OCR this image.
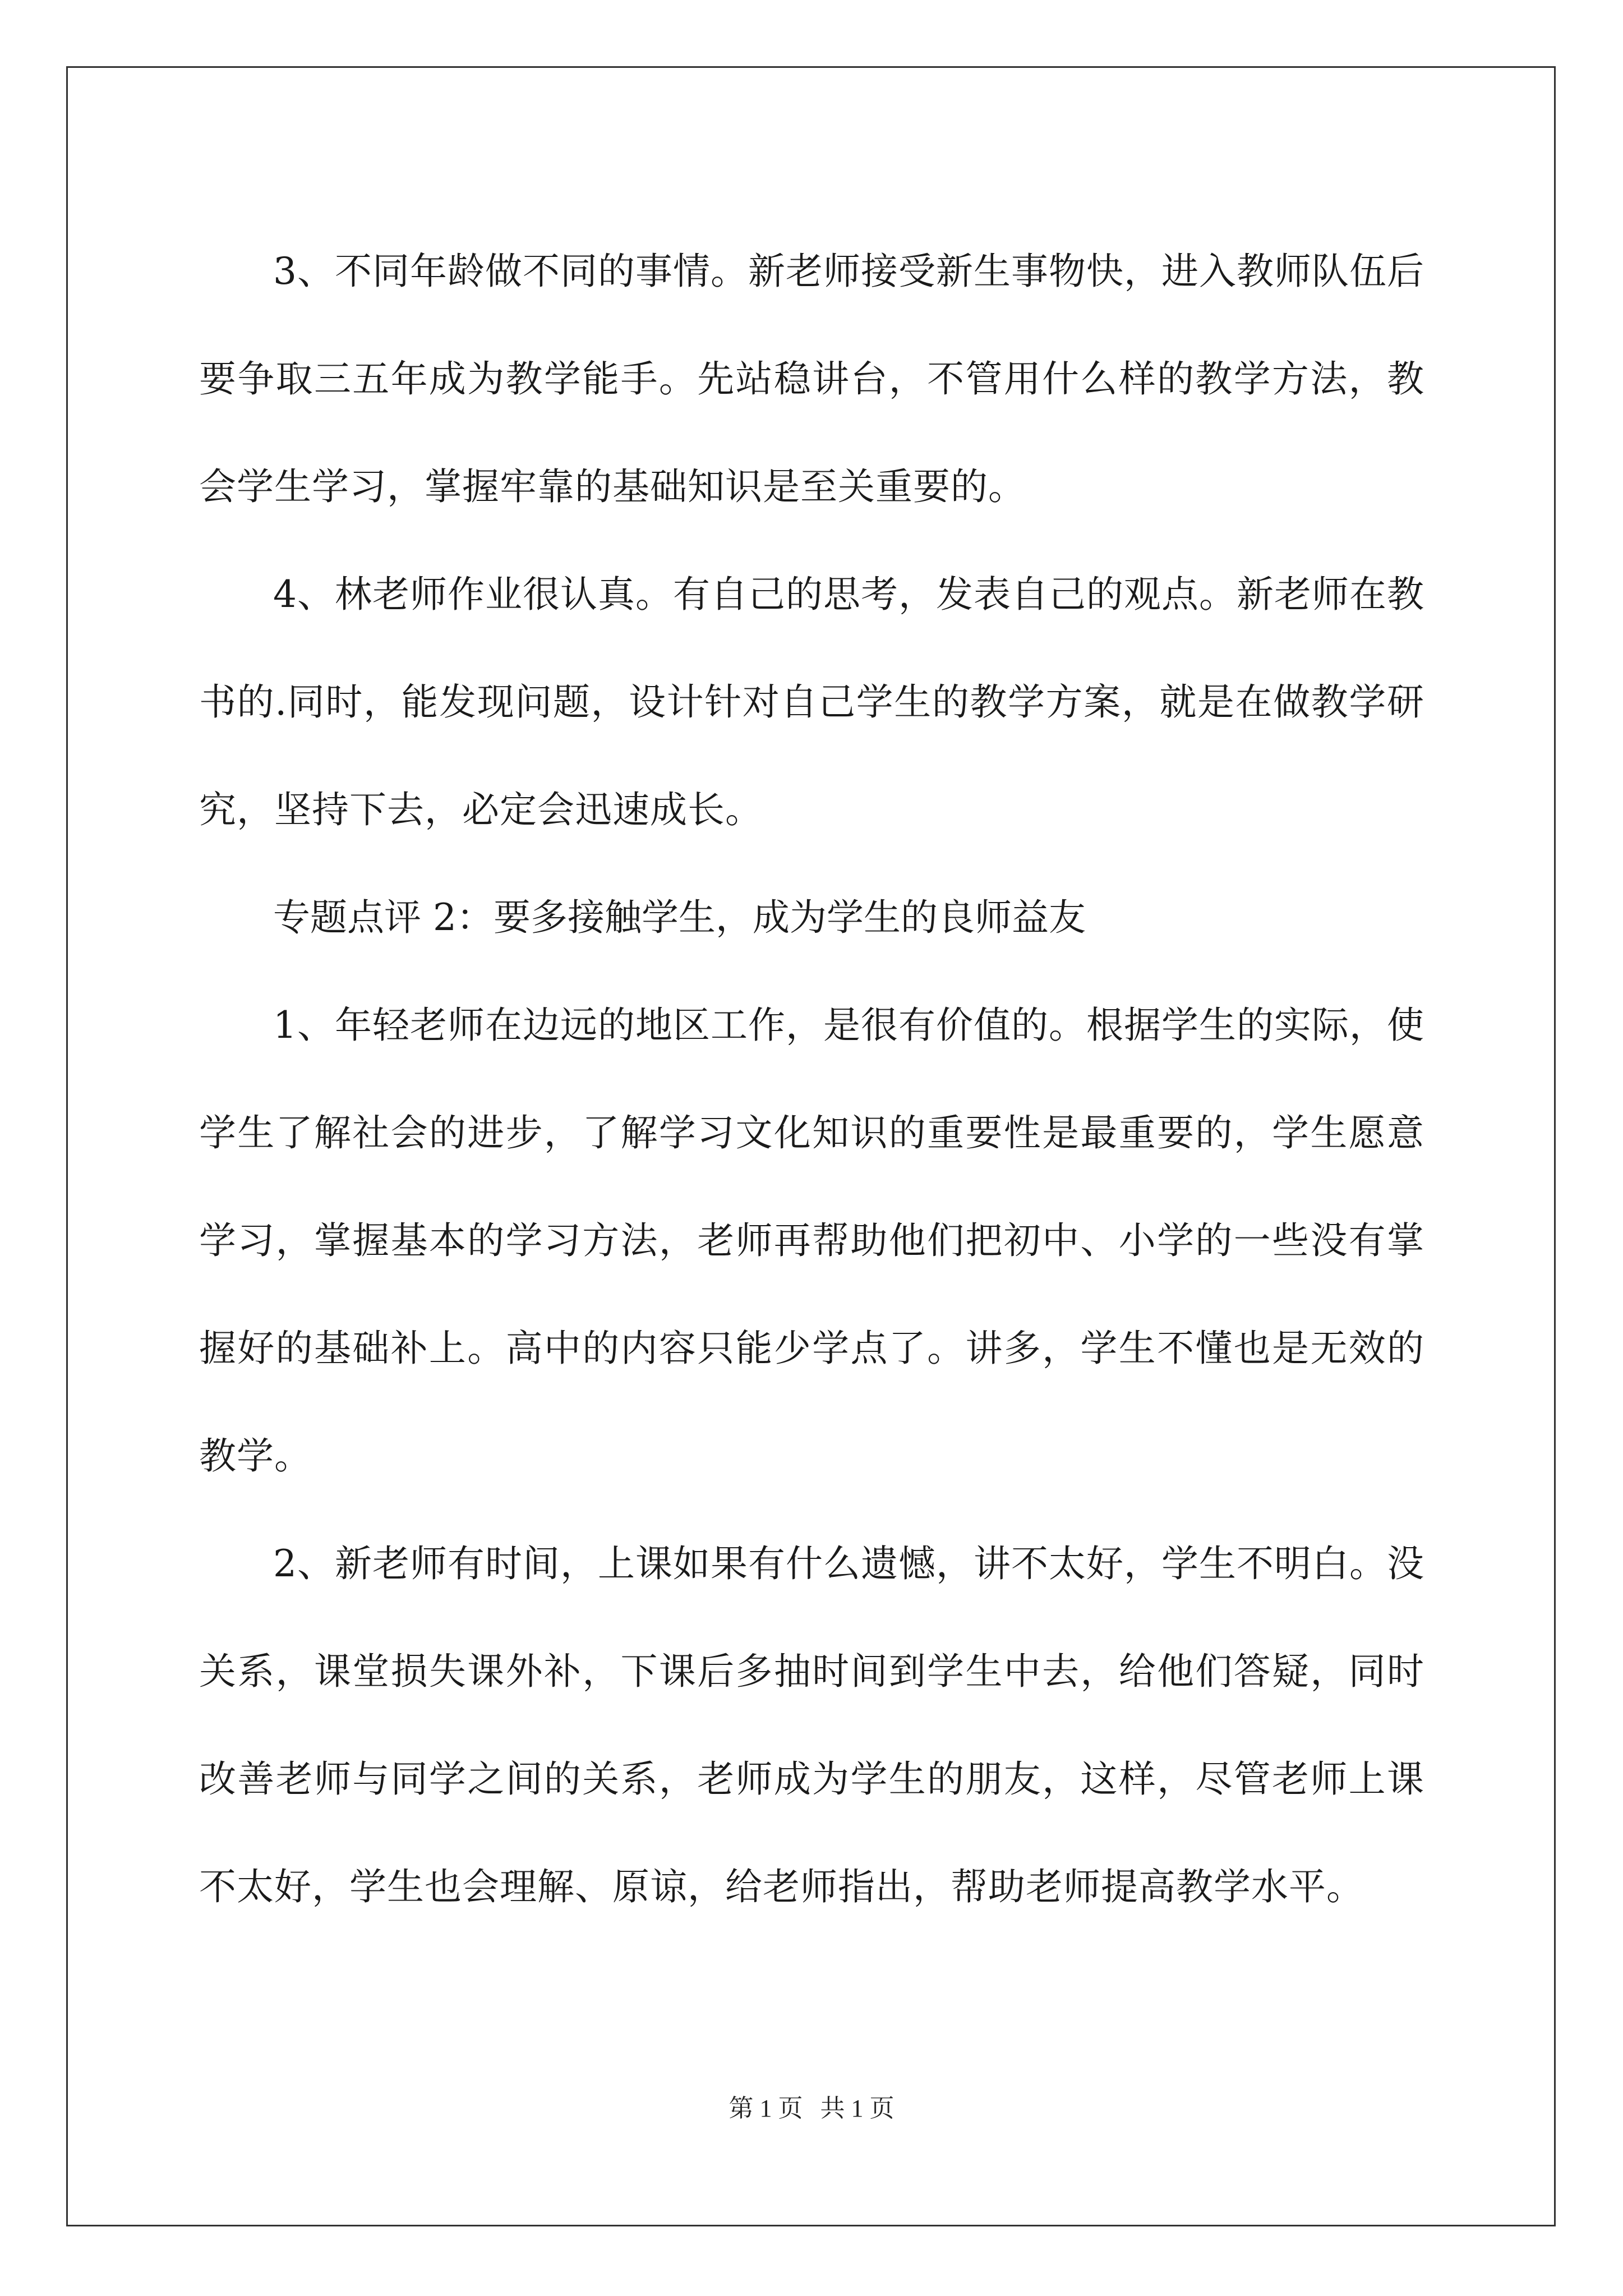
3、不同年龄做不同的事情。新老师接受新生事物快，进入教师队伍后要争取三五年成为教学能手。先站稳讲台，不管用什么样的教学方法，教会学生学习，掌握牢靠的基础知识是至关重要的。

4、林老师作业很认真。有自己的思考，发表自己的观点。新老师在教书的.同时，能发现问题，设计针对自己学生的教学方案，就是在做教学研究，坚持下去，必定会迅速成长。

专题点评 2：要多接触学生，成为学生的良师益友

1、年轻老师在边远的地区工作，是很有价值的。根据学生的实际，使学生了解社会的进步，了解学习文化知识的重要性是最重要的，学生愿意学习，掌握基本的学习方法，老师再帮助他们把初中、小学的一些没有掌握好的基础补上。高中的内容只能少学点了。讲多，学生不懂也是无效的教学。

2、新老师有时间，上课如果有什么遗憾，讲不太好，学生不明白。没关系，课堂损失课外补，下课后多抽时间到学生中去，给他们答疑，同时改善老师与同学之间的关系，老师成为学生的朋友，这样，尽管老师上课不太好，学生也会理解、原谅，给老师指出，帮助老师提高教学水平。

第 1 页 共 1 页
